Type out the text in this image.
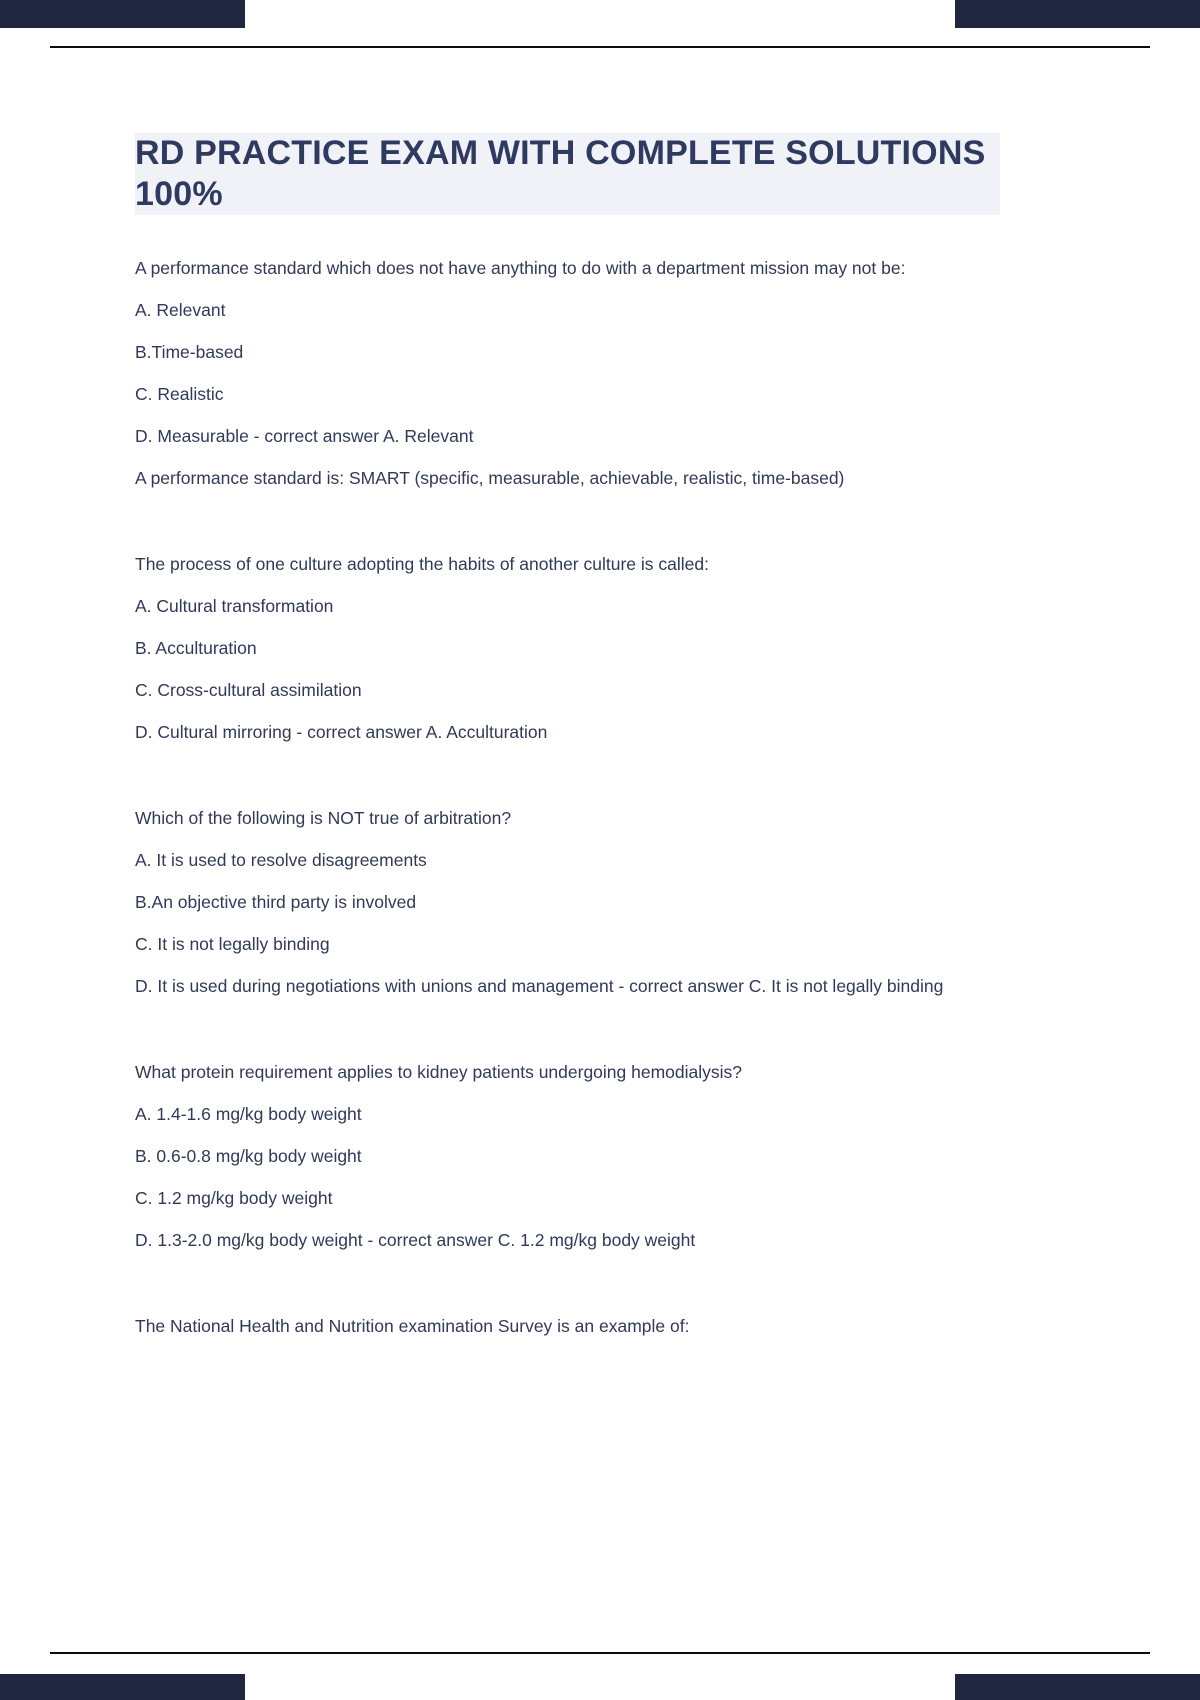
RD PRACTICE EXAM WITH COMPLETE SOLUTIONS 100%

A performance standard which does not have anything to do with a department mission may not be:

A. Relevant

B.Time-based

C. Realistic

D. Measurable - correct answer A. Relevant

A performance standard is: SMART (specific, measurable, achievable, realistic, time-based)

The process of one culture adopting the habits of another culture is called:

A. Cultural transformation

B. Acculturation

C. Cross-cultural assimilation

D. Cultural mirroring - correct answer A. Acculturation

Which of the following is NOT true of arbitration?

A. It is used to resolve disagreements

B.An objective third party is involved

C. It is not legally binding

D. It is used during negotiations with unions and management - correct answer C. It is not legally binding

What protein requirement applies to kidney patients undergoing hemodialysis?

A. 1.4-1.6 mg/kg body weight

B. 0.6-0.8 mg/kg body weight

C. 1.2 mg/kg body weight

D. 1.3-2.0 mg/kg body weight - correct answer C. 1.2 mg/kg body weight

The National Health and Nutrition examination Survey is an example of:
